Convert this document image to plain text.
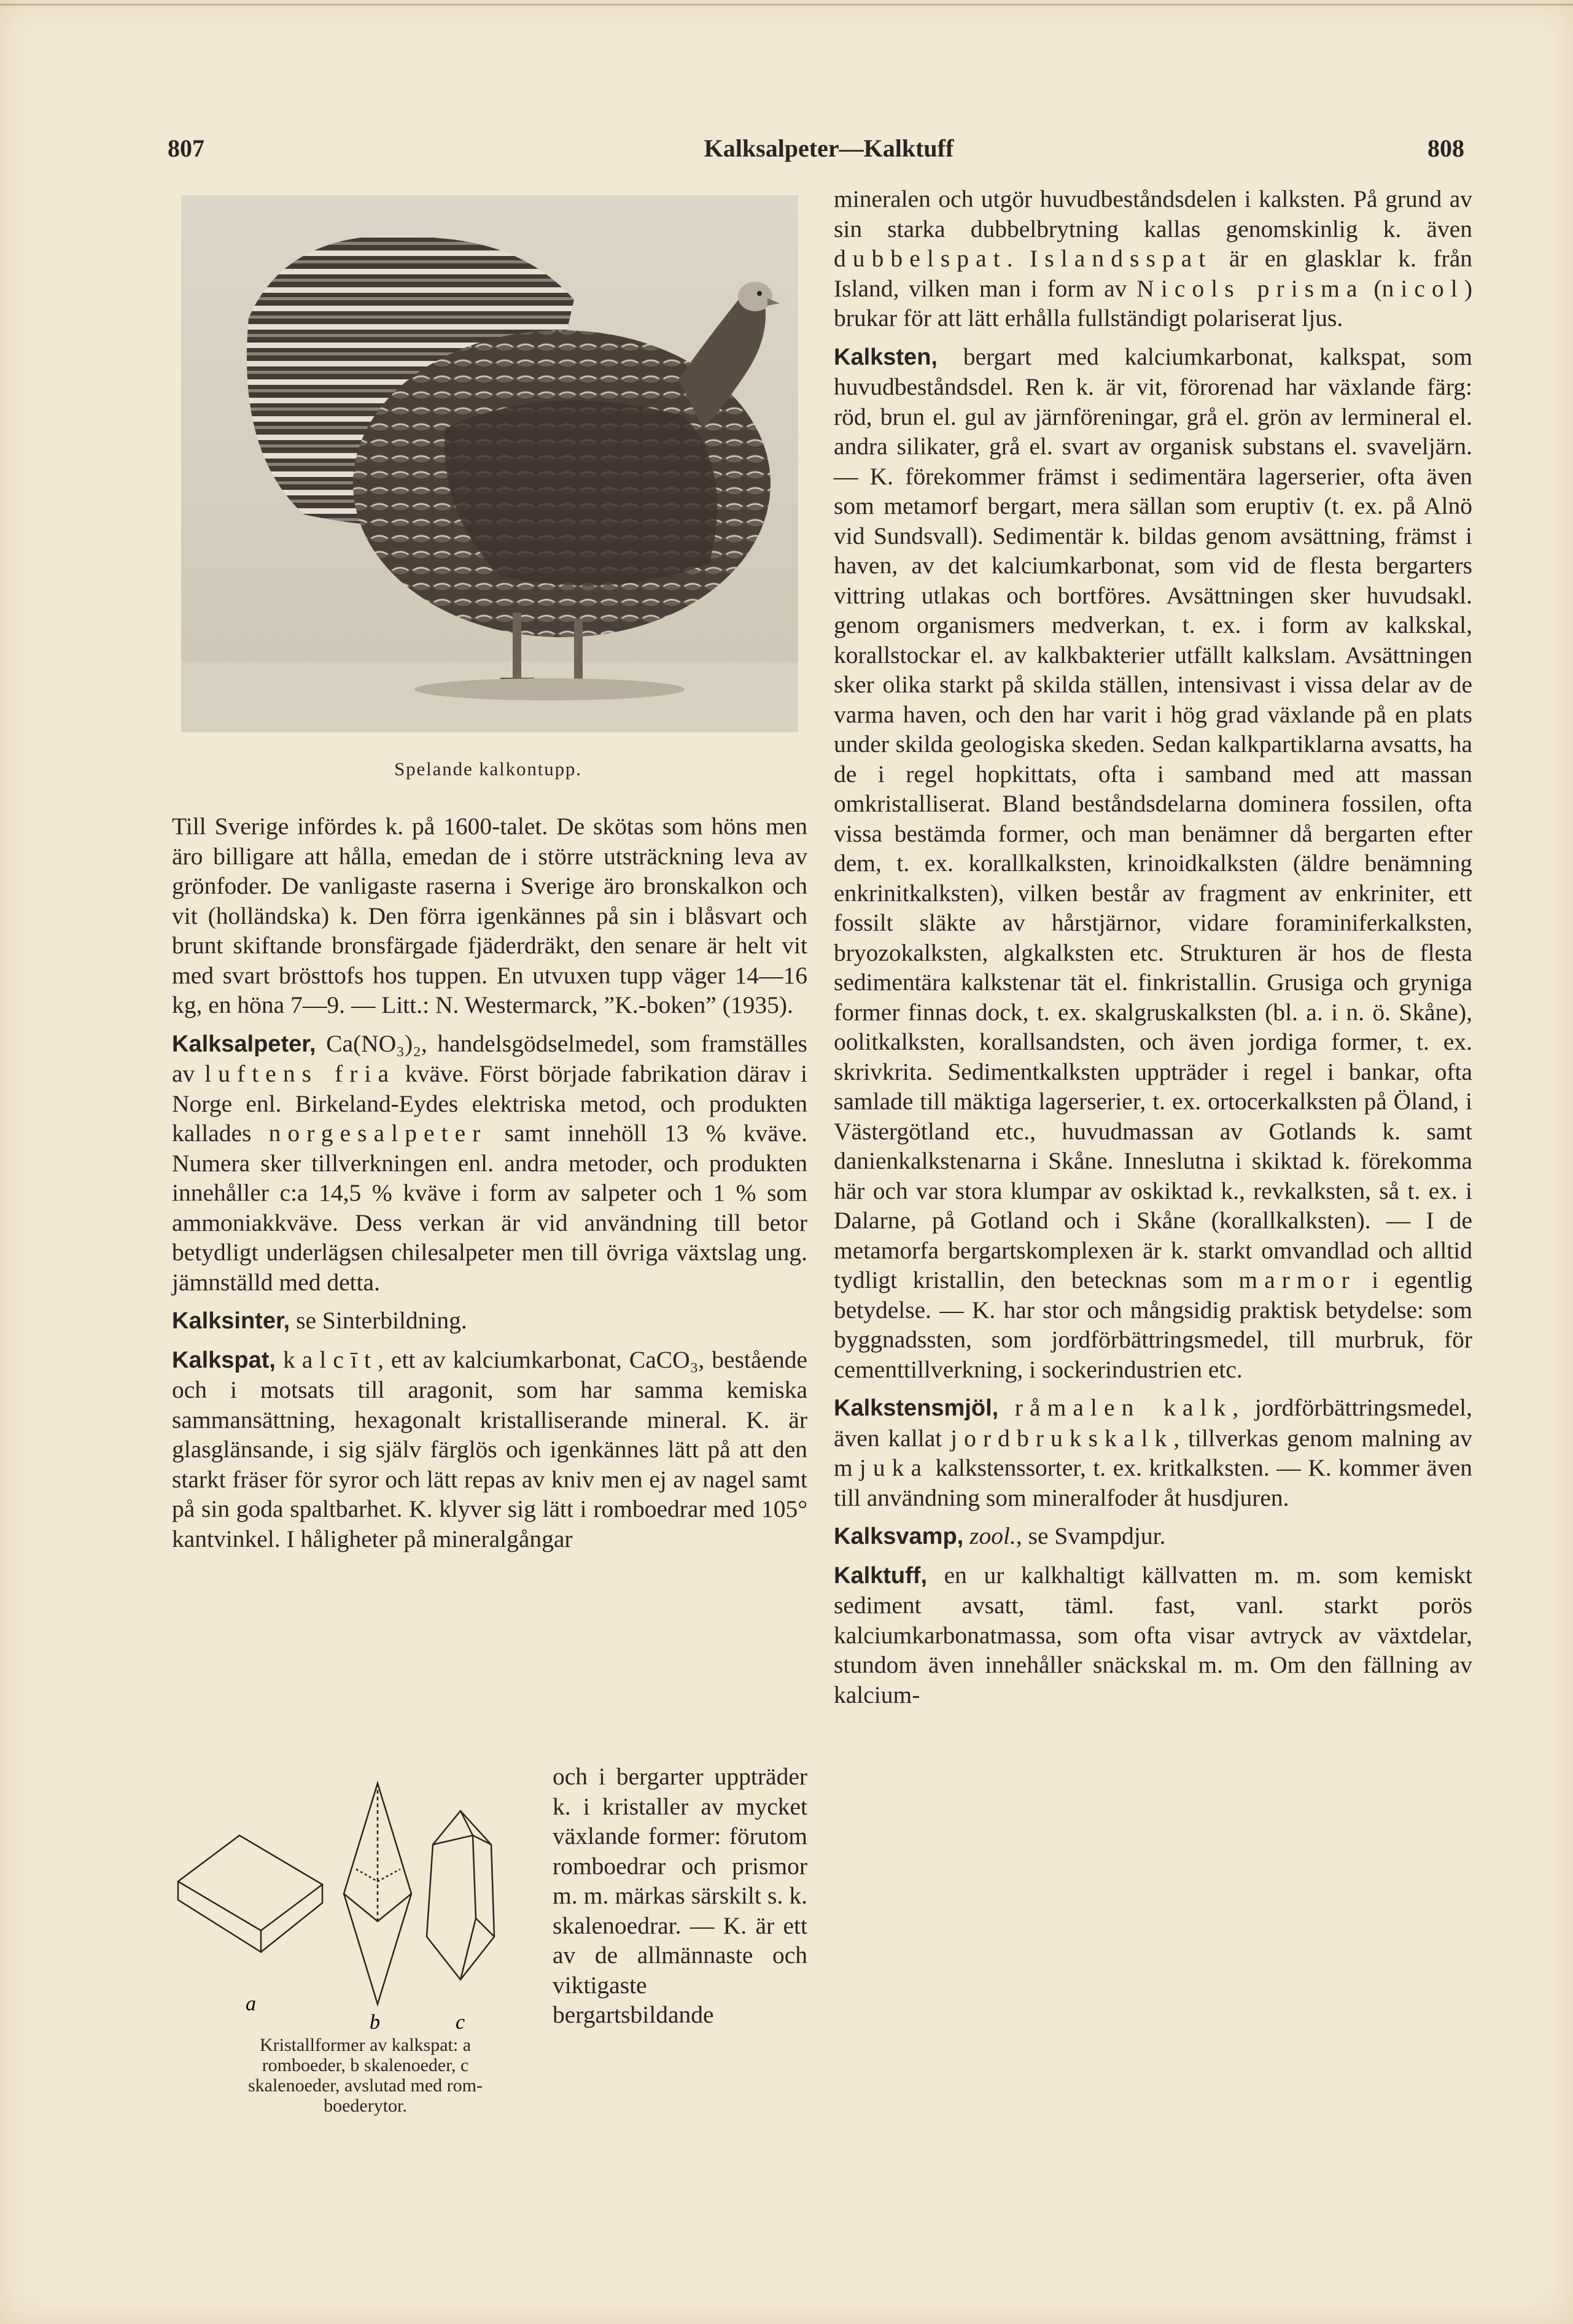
807	Kalksalpeter—Kalktuff	808
Spelande kalkontupp.

Till Sverige infördes k. på 1600-talet. De skötas som höns men äro billigare att hålla, emedan de i större utsträckning leva av grönfoder. De vanligaste raserna i Sverige äro bronskalkon och vit (holländska) k. Den förra igenkännes på sin i blåsvart och brunt skiftande bronsfärgade fjäderdräkt, den senare är helt vit med svart brösttofs hos tuppen. En utvuxen tupp väger 14—16 kg, en höna 7—9. — Litt.: N. Westermarck, ”K.-boken” (1935).

Kalksalpeter, Ca(NO₃)₂, handelsgödselmedel, som framställes av luftens fria kväve. Först började fabrikation därav i Norge enl. Birkeland-Eydes elektriska metod, och produkten kallades norgesalpeter samt innehöll 13 % kväve. Numera sker tillverkningen enl. andra metoder, och produkten innehåller c:a 14,5 % kväve i form av salpeter och 1 % som ammoniakkväve. Dess verkan är vid användning till betor betydligt underlägsen chilesalpeter men till övriga växtslag ung. jämnställd med detta.

Kalksinter, se Sinterbildning.

Kalkspat, kalcīt, ett av kalciumkarbonat, CaCO₃, bestående och i motsats till aragonit, som har samma kemiska sammansättning, hexagonalt kristalliserande mineral. K. är glasglänsande, i sig själv färglös och igenkännes lätt på att den starkt fräser för syror och lätt repas av kniv men ej av nagel samt på sin goda spaltbarhet. K. klyver sig lätt i romboedrar med 105° kantvinkel. I håligheter på mineralgångar

a
b	c
Kristallformer av kalkspat: a
romboeder, b skalenoeder, c
skalenoeder, avslutad med rom-
boederytor.

och i bergarter uppträder k. i kristaller av mycket växlande former: förutom romboedrar och prismor m. m. märkas särskilt s. k. skalenoedrar. — K. är ett av de allmännaste och viktigaste bergartsbildande

mineralen och utgör huvudbeståndsdelen i kalksten. På grund av sin starka dubbelbrytning kallas genomskinlig k. även dubbelspat. Islandsspat är en glasklar k. från Island, vilken man i form av Nicols prisma (nicol) brukar för att lätt erhålla fullständigt polariserat ljus.

Kalksten, bergart med kalciumkarbonat, kalkspat, som huvudbeståndsdel. Ren k. är vit, förorenad har växlande färg: röd, brun el. gul av järnföreningar, grå el. grön av lermineral el. andra silikater, grå el. svart av organisk substans el. svaveljärn. — K. förekommer främst i sedimentära lagerserier, ofta även som metamorf bergart, mera sällan som eruptiv (t. ex. på Alnö vid Sundsvall). Sedimentär k. bildas genom avsättning, främst i haven, av det kalciumkarbonat, som vid de flesta bergarters vittring utlakas och bortföres. Avsättningen sker huvudsakl. genom organismers medverkan, t. ex. i form av kalkskal, korallstockar el. av kalkbakterier utfällt kalkslam. Avsättningen sker olika starkt på skilda ställen, intensivast i vissa delar av de varma haven, och den har varit i hög grad växlande på en plats under skilda geologiska skeden. Sedan kalkpartiklarna avsatts, ha de i regel hopkittats, ofta i samband med att massan omkristalliserat. Bland beståndsdelarna dominera fossilen, ofta vissa bestämda former, och man benämner då bergarten efter dem, t. ex. korallkalksten, krinoidkalksten (äldre benämning enkrinitkalksten), vilken består av fragment av enkriniter, ett fossilt släkte av hårstjärnor, vidare foraminiferkalksten, bryozokalksten, algkalksten etc. Strukturen är hos de flesta sedimentära kalkstenar tät el. finkristallin. Grusiga och gryniga former finnas dock, t. ex. skalgruskalksten (bl. a. i n. ö. Skåne), oolitkalksten, korallsandsten, och även jordiga former, t. ex. skrivkrita. Sedimentkalksten uppträder i regel i bankar, ofta samlade till mäktiga lagerserier, t. ex. ortocerkalksten på Öland, i Västergötland etc., huvudmassan av Gotlands k. samt danienkalkstenarna i Skåne. Inneslutna i skiktad k. förekomma här och var stora klumpar av oskiktad k., revkalksten, så t. ex. i Dalarne, på Gotland och i Skåne (korallkalksten). — I de metamorfa bergartskomplexen är k. starkt omvandlad och alltid tydligt kristallin, den betecknas som marmor i egentlig betydelse. — K. har stor och mångsidig praktisk betydelse: som byggnadssten, som jordförbättringsmedel, till murbruk, för cementtillverkning, i sockerindustrien etc.

Kalkstensmjöl, råmalen kalk, jordförbättringsmedel, även kallat jordbrukskalk, tillverkas genom malning av mjuka kalkstenssorter, t. ex. kritkalksten. — K. kommer även till användning som mineralfoder åt husdjuren.

Kalksvamp, zool., se Svampdjur.

Kalktuff, en ur kalkhaltigt källvatten m. m. som kemiskt sediment avsatt, täml. fast, vanl. starkt porös kalciumkarbonatmassa, som ofta visar avtryck av växtdelar, stundom även innehåller snäckskal m. m. Om den fällning av kalcium-
